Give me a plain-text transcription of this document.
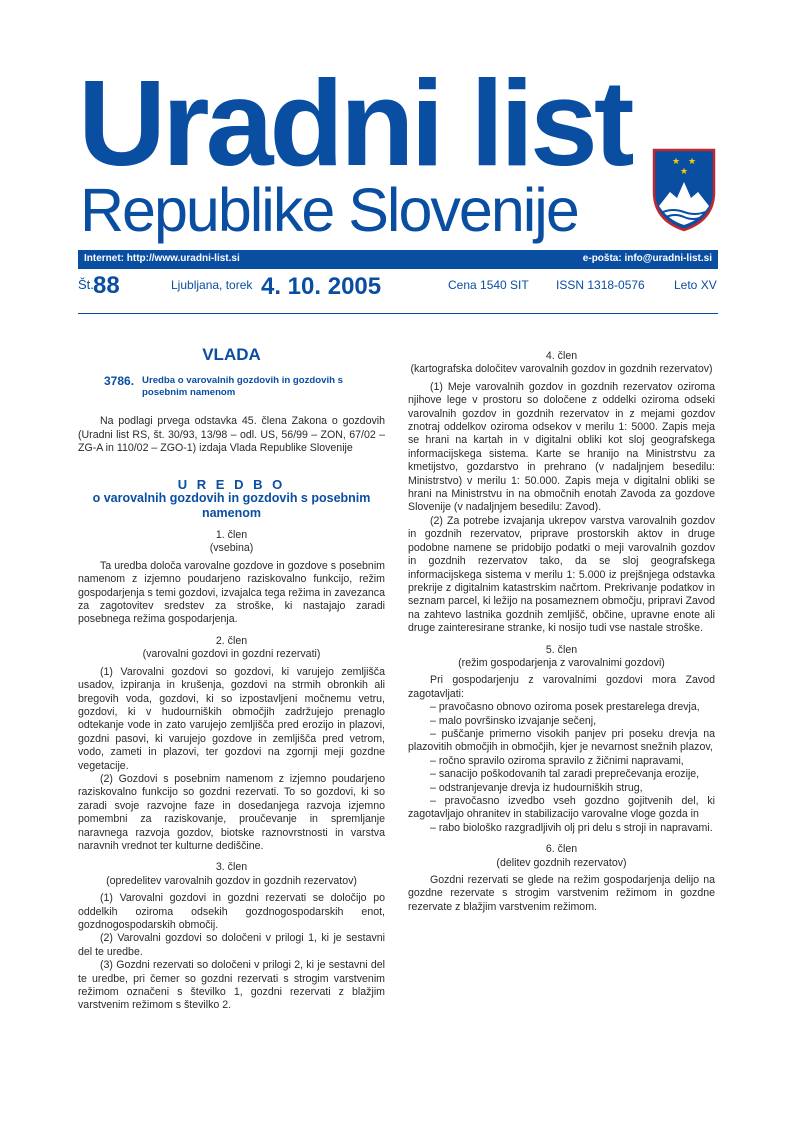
Uradni list
Republike Slovenije
★ ★
★
Internet: http://www.uradni-list.si	e-pošta: info@uradni-list.si
Št. 88	Ljubljana, torek 4. 10. 2005	Cena 1540 SIT ISSN 1318-0576 Leto XV
VLADA
3786. Uredba o varovalnih gozdovih in gozdovih s posebnim namenom

Na podlagi prvega odstavka 45. člena Zakona o gozdovih (Uradni list RS, št. 30/93, 13/98 – odl. US, 56/99 – ZON, 67/02 – ZG-A in 110/02 – ZGO-1) izdaja Vlada Republike Slovenije

U R E D B O
o varovalnih gozdovih in gozdovih s posebnim namenom
1. člen
(vsebina)

Ta uredba določa varovalne gozdove in gozdove s posebnim namenom z izjemno poudarjeno raziskovalno funkcijo, režim gospodarjenja s temi gozdovi, izvajalca tega režima in zavezanca za zagotovitev sredstev za stroške, ki nastajajo zaradi posebnega režima gospodarjenja.

2. člen
(varovalni gozdovi in gozdni rezervati)

(1) Varovalni gozdovi so gozdovi, ki varujejo zemljišča usadov, izpiranja in krušenja, gozdovi na strmih obronkih ali bregovih voda, gozdovi, ki so izpostavljeni močnemu vetru, gozdovi, ki v hudourniških območjih zadržujejo prenaglo odtekanje vode in zato varujejo zemljišča pred erozijo in plazovi, gozdni pasovi, ki varujejo gozdove in zemljišča pred vetrom, vodo, zameti in plazovi, ter gozdovi na zgornji meji gozdne vegetacije.

(2) Gozdovi s posebnim namenom z izjemno poudarjeno raziskovalno funkcijo so gozdni rezervati. To so gozdovi, ki so zaradi svoje razvojne faze in dosedanjega razvoja izjemno pomembni za raziskovanje, proučevanje in spremljanje naravnega razvoja gozdov, biotske raznovrstnosti in varstva naravnih vrednot ter kulturne dediščine.

3. člen
(opredelitev varovalnih gozdov in gozdnih rezervatov)

(1) Varovalni gozdovi in gozdni rezervati se določijo po oddelkih oziroma odsekih gozdnogospodarskih enot, gozdnogospodarskih območij.

(2) Varovalni gozdovi so določeni v prilogi 1, ki je sestavni del te uredbe.

(3) Gozdni rezervati so določeni v prilogi 2, ki je sestavni del te uredbe, pri čemer so gozdni rezervati s strogim varstvenim režimom označeni s številko 1, gozdni rezervati z blažjim varstvenim režimom s številko 2.

4. člen
(kartografska določitev varovalnih gozdov in gozdnih rezervatov)

(1) Meje varovalnih gozdov in gozdnih rezervatov oziroma njihove lege v prostoru so določene z oddelki oziroma odseki varovalnih gozdov in gozdnih rezervatov in z mejami gozdov znotraj oddelkov oziroma odsekov v merilu 1: 5000. Zapis meja se hrani na kartah in v digitalni obliki kot sloj geografskega informacijskega sistema. Karte se hranijo na Ministrstvu za kmetijstvo, gozdarstvo in prehrano (v nadaljnjem besedilu: Ministrstvo) v merilu 1: 50.000. Zapis meja v digitalni obliki se hrani na Ministrstvu in na območnih enotah Zavoda za gozdove Slovenije (v nadaljnjem besedilu: Zavod).

(2) Za potrebe izvajanja ukrepov varstva varovalnih gozdov in gozdnih rezervatov, priprave prostorskih aktov in druge podobne namene se pridobijo podatki o meji varovalnih gozdov in gozdnih rezervatov tako, da se sloj geografskega informacijskega sistema v merilu 1: 5.000 iz prejšnjega odstavka prekrije z digitalnim katastrskim načrtom. Prekrivanje podatkov in seznam parcel, ki ležijo na posameznem območju, pripravi Zavod na zahtevo lastnika gozdnih zemljišč, občine, upravne enote ali druge zainteresirane stranke, ki nosijo tudi vse nastale stroške.

5. člen
(režim gospodarjenja z varovalnimi gozdovi)

Pri gospodarjenju z varovalnimi gozdovi mora Zavod zagotavljati:

– pravočasno obnovo oziroma posek prestarelega drevja,

– malo površinsko izvajanje sečenj,

– puščanje primerno visokih panjev pri poseku drevja na plazovitih območjih in območjih, kjer je nevarnost snežnih plazov,

– ročno spravilo oziroma spravilo z žičnimi napravami,

– sanacijo poškodovanih tal zaradi preprečevanja erozije,

– odstranjevanje drevja iz hudourniških strug,

– pravočasno izvedbo vseh gozdno gojitvenih del, ki zagotavljajo ohranitev in stabilizacijo varovalne vloge gozda in

– rabo biološko razgradljivih olj pri delu s stroji in napravami.

6. člen
(delitev gozdnih rezervatov)

Gozdni rezervati se glede na režim gospodarjenja delijo na gozdne rezervate s strogim varstvenim režimom in gozdne rezervate z blažjim varstvenim režimom.
